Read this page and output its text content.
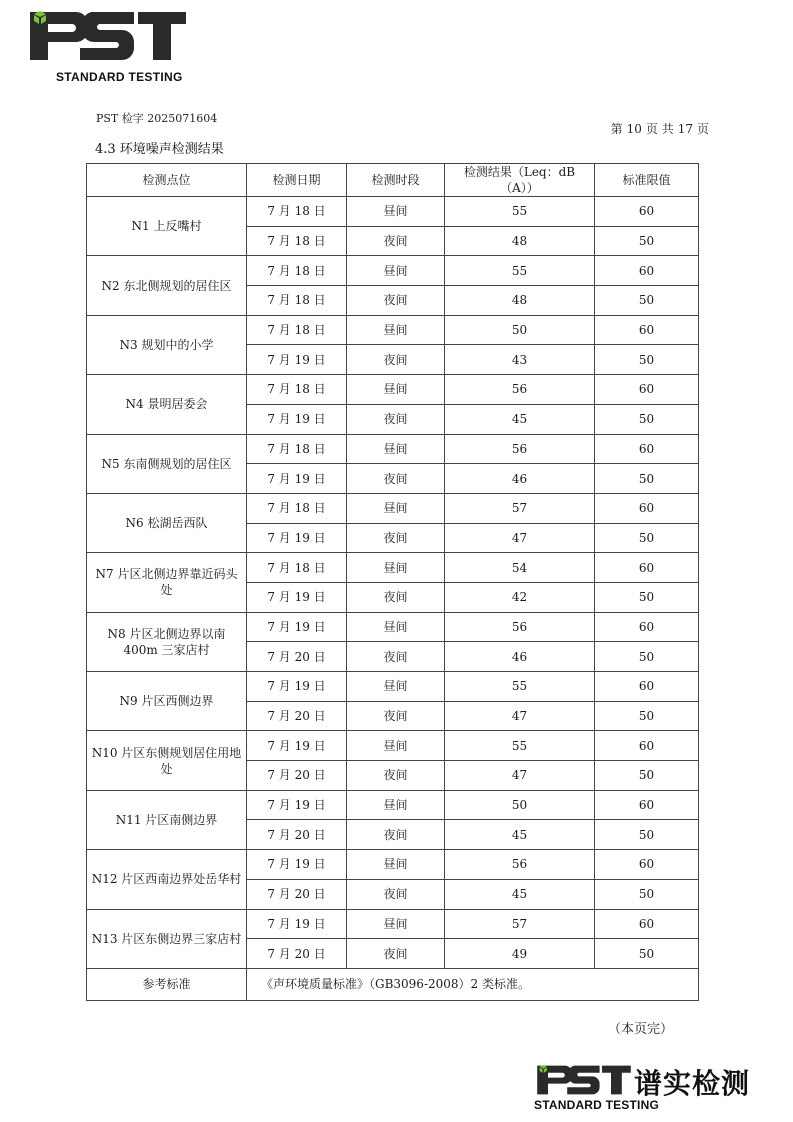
STANDARD TESTING
PST 检字 2025071604
第 10 页 共 17 页
4.3 环境噪声检测结果
检测点位	检测日期	检测时段	检测结果（Leq：dB（A））	标准限值
N1 上反嘴村	7 月 18 日	昼间	55	60
	7 月 18 日	夜间	48	50
N2 东北侧规划的居住区	7 月 18 日	昼间	55	60
	7 月 18 日	夜间	48	50
N3 规划中的小学	7 月 18 日	昼间	50	60
	7 月 19 日	夜间	43	50
N4 景明居委会	7 月 18 日	昼间	56	60
	7 月 19 日	夜间	45	50
N5 东南侧规划的居住区	7 月 18 日	昼间	56	60
	7 月 19 日	夜间	46	50
N6 松湖岳西队	7 月 18 日	昼间	57	60
	7 月 19 日	夜间	47	50
N7 片区北侧边界靠近码头处	7 月 18 日	昼间	54	60
	7 月 19 日	夜间	42	50
N8 片区北侧边界以南 400m 三家店村	7 月 19 日	昼间	56	60
	7 月 20 日	夜间	46	50
N9 片区西侧边界	7 月 19 日	昼间	55	60
	7 月 20 日	夜间	47	50
N10 片区东侧规划居住用地处	7 月 19 日	昼间	55	60
	7 月 20 日	夜间	47	50
N11 片区南侧边界	7 月 19 日	昼间	50	60
	7 月 20 日	夜间	45	50
N12 片区西南边界处岳华村	7 月 19 日	昼间	56	60
	7 月 20 日	夜间	45	50
N13 片区东侧边界三家店村	7 月 19 日	昼间	57	60
	7 月 20 日	夜间	49	50
参考标准	《声环境质量标准》（GB3096-2008）2 类标准。			
（本页完）
谱实检测
STANDARD TESTING
